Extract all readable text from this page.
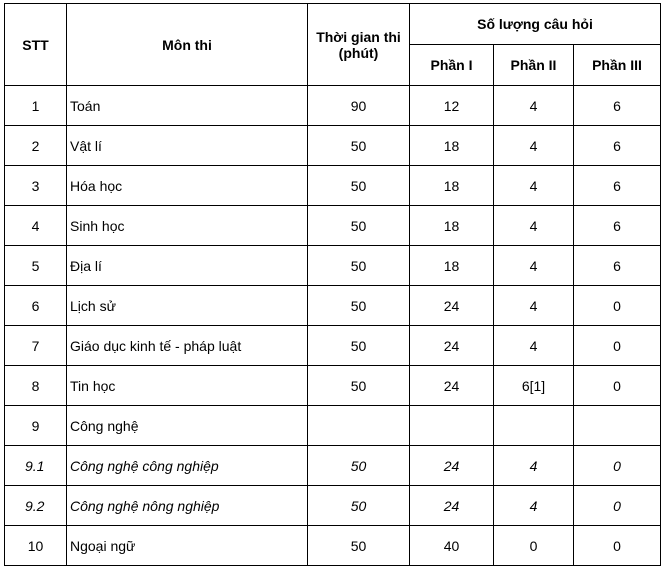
STT	Môn thi	Thời gian thi (phút)	Số lượng câu hỏi		
			Phần I	Phần II	Phần III
1	Toán	90	12	4	6
2	Vật lí	50	18	4	6
3	Hóa học	50	18	4	6
4	Sinh học	50	18	4	6
5	Địa lí	50	18	4	6
6	Lịch sử	50	24	4	0
7	Giáo dục kinh tế - pháp luật	50	24	4	0
8	Tin học	50	24	6[1]	0
9	Công nghệ				
9.1	Công nghệ công nghiệp	50	24	4	0
9.2	Công nghệ nông nghiệp	50	24	4	0
10	Ngoại ngữ	50	40	0	0
